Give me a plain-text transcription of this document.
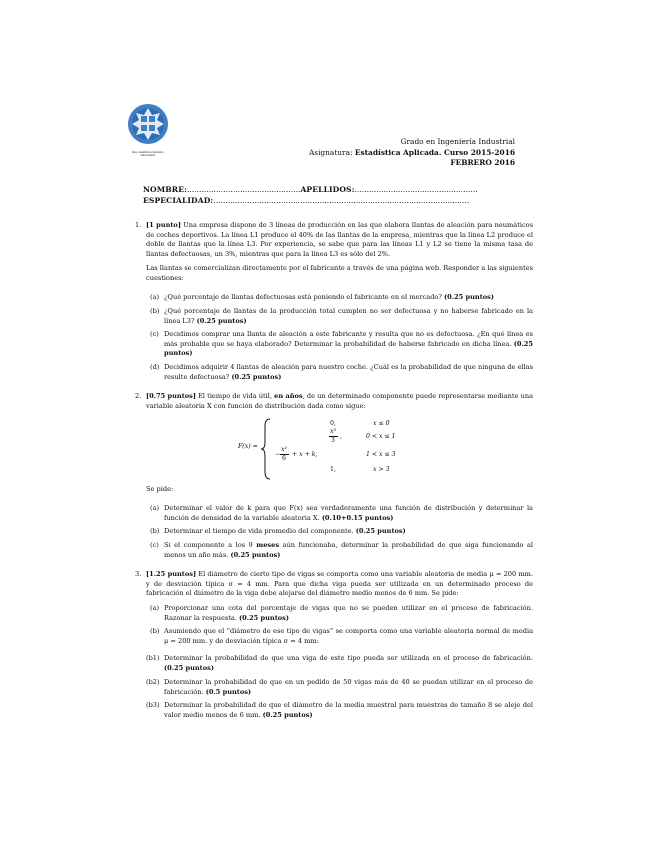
Dpto. Estadística Aplicada y
Matemáticas
Grado en Ingeniería Industrial
Asignatura: Estadística Aplicada. Curso 2015-2016
FEBRERO 2016
NOMBRE:...............................................APELLIDOS:...................................................
ESPECIALIDAD:..........................................................................................................
1. [1 punto] Una empresa dispone de 3 líneas de producción en las que elabora llantas de aleación para neumáticos de coches deportivos. La línea L1 produce el 40% de las llantas de la empresa, mientras que la línea L2 produce el doble de llantas que la línea L3. Por experiencia, se sabe que para las líneas L1 y L2 se tiene la misma tasa de llantas defectuosas, un 3%, mientras que para la línea L3 es sólo del 2%.
Las llantas se comercializan directamente por el fabricante a través de una página web. Responder a las siguientes cuestiones:
(a) ¿Qué porcentaje de llantas defectuosas está poniendo el fabricante en el mercado? (0.25 puntos)
(b) ¿Qué porcentaje de llantas de la producción total cumplen no ser defectuosa y no haberse fabricado en la línea L3? (0.25 puntos)
(c) Decidimos comprar una llanta de aleación a este fabricante y resulta que no es defectuosa. ¿En qué línea es más probable que se haya elaborado? Determinar la probabilidad de haberse fabricado en dicha línea. (0.25 puntos)
(d) Decidimos adquirir 4 llantas de aleación para nuestro coche. ¿Cuál es la probabilidad de que ninguna de ellas resulte defectuosa? (0.25 puntos)
2. [0.75 puntos] El tiempo de vida útil, en años, de un determinado componente puede representarse mediante una variable aleatoria X con función de distribución dada como sigue:
F(x) =
0,	x ≤ 0
x³
3
,	0 < x ≤ 1
−
x²
6
+ x + k,	1 < x ≤ 3
1,	x > 3
Se pide:
(a) Determinar el valor de k para que F(x) sea verdaderamente una función de distribución y determinar la función de densidad de la variable aleatoria X. (0.10+0.15 puntos)
(b) Determinar el tiempo de vida promedio del componente. (0.25 puntos)
(c) Si el componente a los 9 meses aún funcionaba, determinar la probabilidad de que siga funcionando al menos un año más. (0.25 puntos)
3. [1.25 puntos] El diámetro de cierto tipo de vigas se comporta como una variable aleatoria de media μ = 200 mm. y de desviación típica σ = 4 mm. Para que dicha viga pueda ser utilizada en un determinado proceso de fabricación el diámetro de la viga debe alejarse del diámetro medio menos de 6 mm. Se pide:
(a) Proporcionar una cota del porcentaje de vigas que no se pueden utilizar en el proceso de fabricación. Razonar la respuesta. (0.25 puntos)
(b) Asumiendo que el “diámetro de ese tipo de vigas” se comporta como una variable aleatoria normal de media μ = 200 mm. y de desviación típica σ = 4 mm:
(b1) Determinar la probabilidad de que una viga de este tipo pueda ser utilizada en el proceso de fabricación. (0.25 puntos)
(b2) Determinar la probabilidad de que en un pedido de 50 vigas más de 40 se puedan utilizar en el proceso de fabricación. (0.5 puntos)
(b3) Determinar la probabilidad de que el diámetro de la media muestral para muestras de tamaño 8 se aleje del valor medio menos de 6 mm. (0.25 puntos)
